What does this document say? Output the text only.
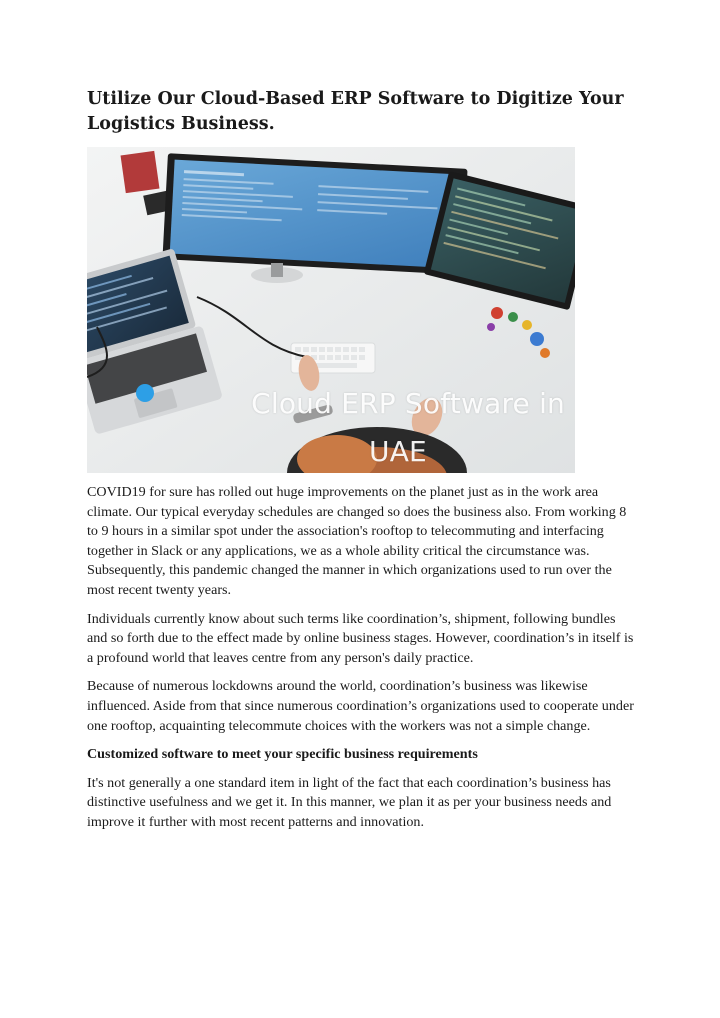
Utilize Our Cloud-Based ERP Software to Digitize Your Logistics Business.
Cloud ERP Software in
UAE

COVID19 for sure has rolled out huge improvements on the planet just as in the work area climate. Our typical everyday schedules are changed so does the business also. From working 8 to 9 hours in a similar spot under the association's rooftop to telecommuting and interfacing together in Slack or any applications, we as a whole ability critical the circumstance was. Subsequently, this pandemic changed the manner in which organizations used to run over the most recent twenty years.

Individuals currently know about such terms like coordination’s, shipment, following bundles and so forth due to the effect made by online business stages. However, coordination’s in itself is a profound world that leaves centre from any person's daily practice.

Because of numerous lockdowns around the world, coordination’s business was likewise influenced. Aside from that since numerous coordination’s organizations used to cooperate under one rooftop, acquainting telecommute choices with the workers was not a simple change.

Customized software to meet your specific business requirements

It's not generally a one standard item in light of the fact that each coordination’s business has distinctive usefulness and we get it. In this manner, we plan it as per your business needs and improve it further with most recent patterns and innovation.
